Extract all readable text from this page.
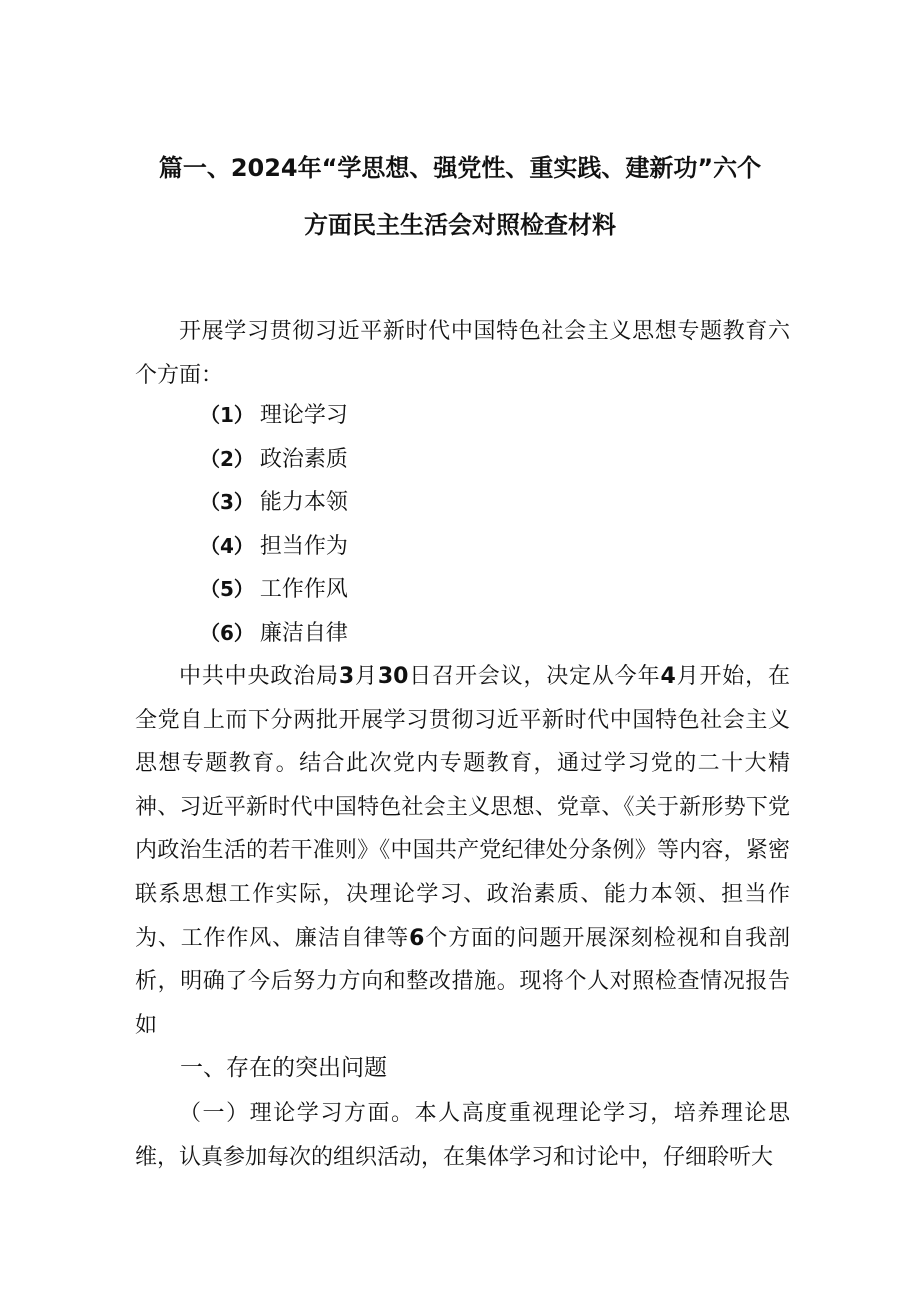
篇一、2024年“学思想、强党性、重实践、建新功”六个
方面民主生活会对照检查材料
开展学习贯彻习近平新时代中国特色社会主义思想专题教育六个方面：
（1） 理论学习
（2） 政治素质
（3） 能力本领
（4） 担当作为
（5） 工作作风
（6） 廉洁自律
中共中央政治局3月30日召开会议，决定从今年4月开始，在全党自上而下分两批开展学习贯彻习近平新时代中国特色社会主义思想专题教育。结合此次党内专题教育，通过学习党的二十大精神、习近平新时代中国特色社会主义思想、党章、《关于新形势下党内政治生活的若干准则》《中国共产党纪律处分条例》等内容，紧密联系思想工作实际，决理论学习、政治素质、能力本领、担当作为、工作作风、廉洁自律等6个方面的问题开展深刻检视和自我剖析，明确了今后努力方向和整改措施。现将个人对照检查情况报告如
一、存在的突出问题
（一）理论学习方面。本人高度重视理论学习，培养理论思维，认真参加每次的组织活动，在集体学习和讨论中，仔细聆听大
